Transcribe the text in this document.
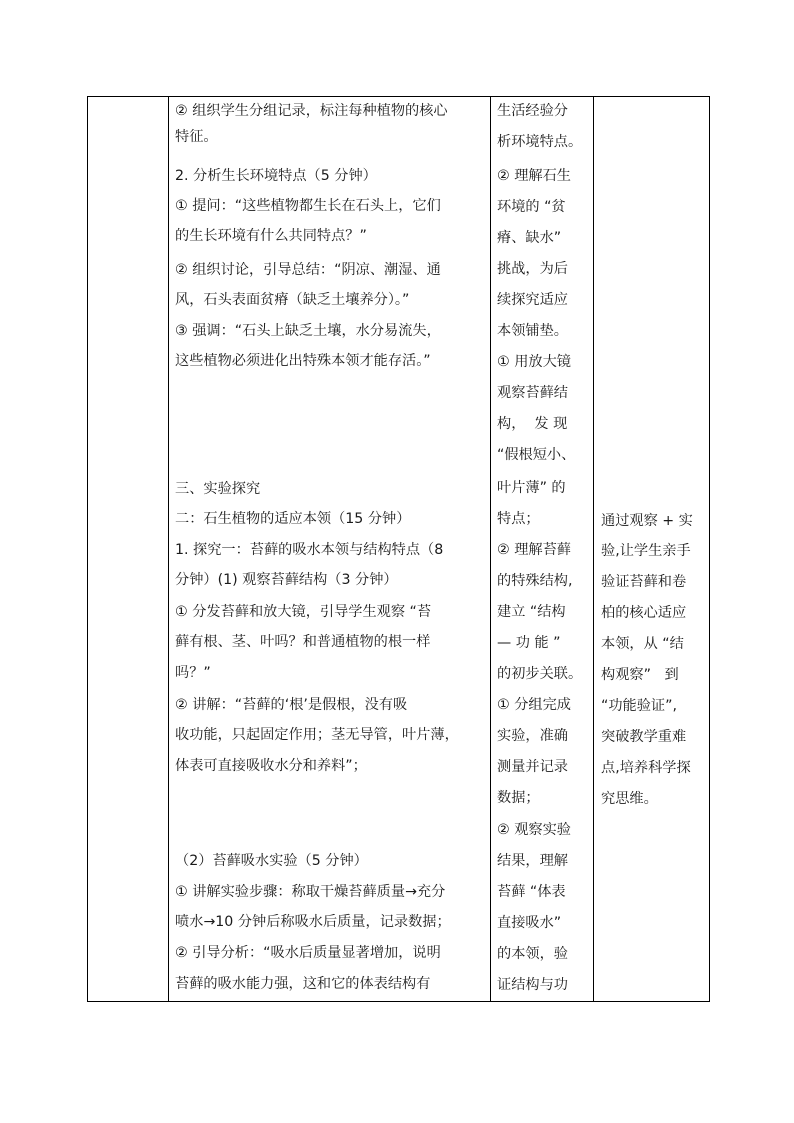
② 组织学生分组记录，标注每种植物的核心
特征。
2. 分析生长环境特点（5 分钟）
① 提问：“这些植物都生长在石头上，它们
的生长环境有什么共同特点？”
② 组织讨论，引导总结：“阴凉、潮湿、通
风，石头表面贫瘠（缺乏土壤养分）。”
③ 强调：“石头上缺乏土壤，水分易流失，
这些植物必须进化出特殊本领才能存活。”
三、实验探究
二：石生植物的适应本领（15 分钟）
1. 探究一：苔藓的吸水本领与结构特点（8
分钟）(1) 观察苔藓结构（3 分钟）
① 分发苔藓和放大镜，引导学生观察 “苔
藓有根、茎、叶吗？和普通植物的根一样
吗？”
② 讲解：“苔藓的‘根’是假根，没有吸
收功能，只起固定作用；茎无导管，叶片薄，
体表可直接吸收水分和养料”；
（2）苔藓吸水实验（5 分钟）
① 讲解实验步骤：称取干燥苔藓质量→充分
喷水→10 分钟后称吸水后质量，记录数据；
② 引导分析：“吸水后质量显著增加，说明
苔藓的吸水能力强，这和它的体表结构有

生活经验分
析环境特点。
② 理解石生
环境的 “贫
瘠、缺水”
挑战，为后
续探究适应
本领铺垫。
① 用放大镜
观察苔藓结
构，  发 现
“假根短小、
叶片薄” 的
特点；
② 理解苔藓
的特殊结构,
建立 “结构
— 功 能 ”
的初步关联。
① 分组完成
实验，准确
测量并记录
数据；
② 观察实验
结果，理解
苔藓 “体表
直接吸水”
的本领，验
证结构与功

通过观察 + 实
验,让学生亲手
验证苔藓和卷
柏的核心适应
本领，从 “结
构观察”   到
“功能验证”,
突破教学重难
点,培养科学探
究思维。
